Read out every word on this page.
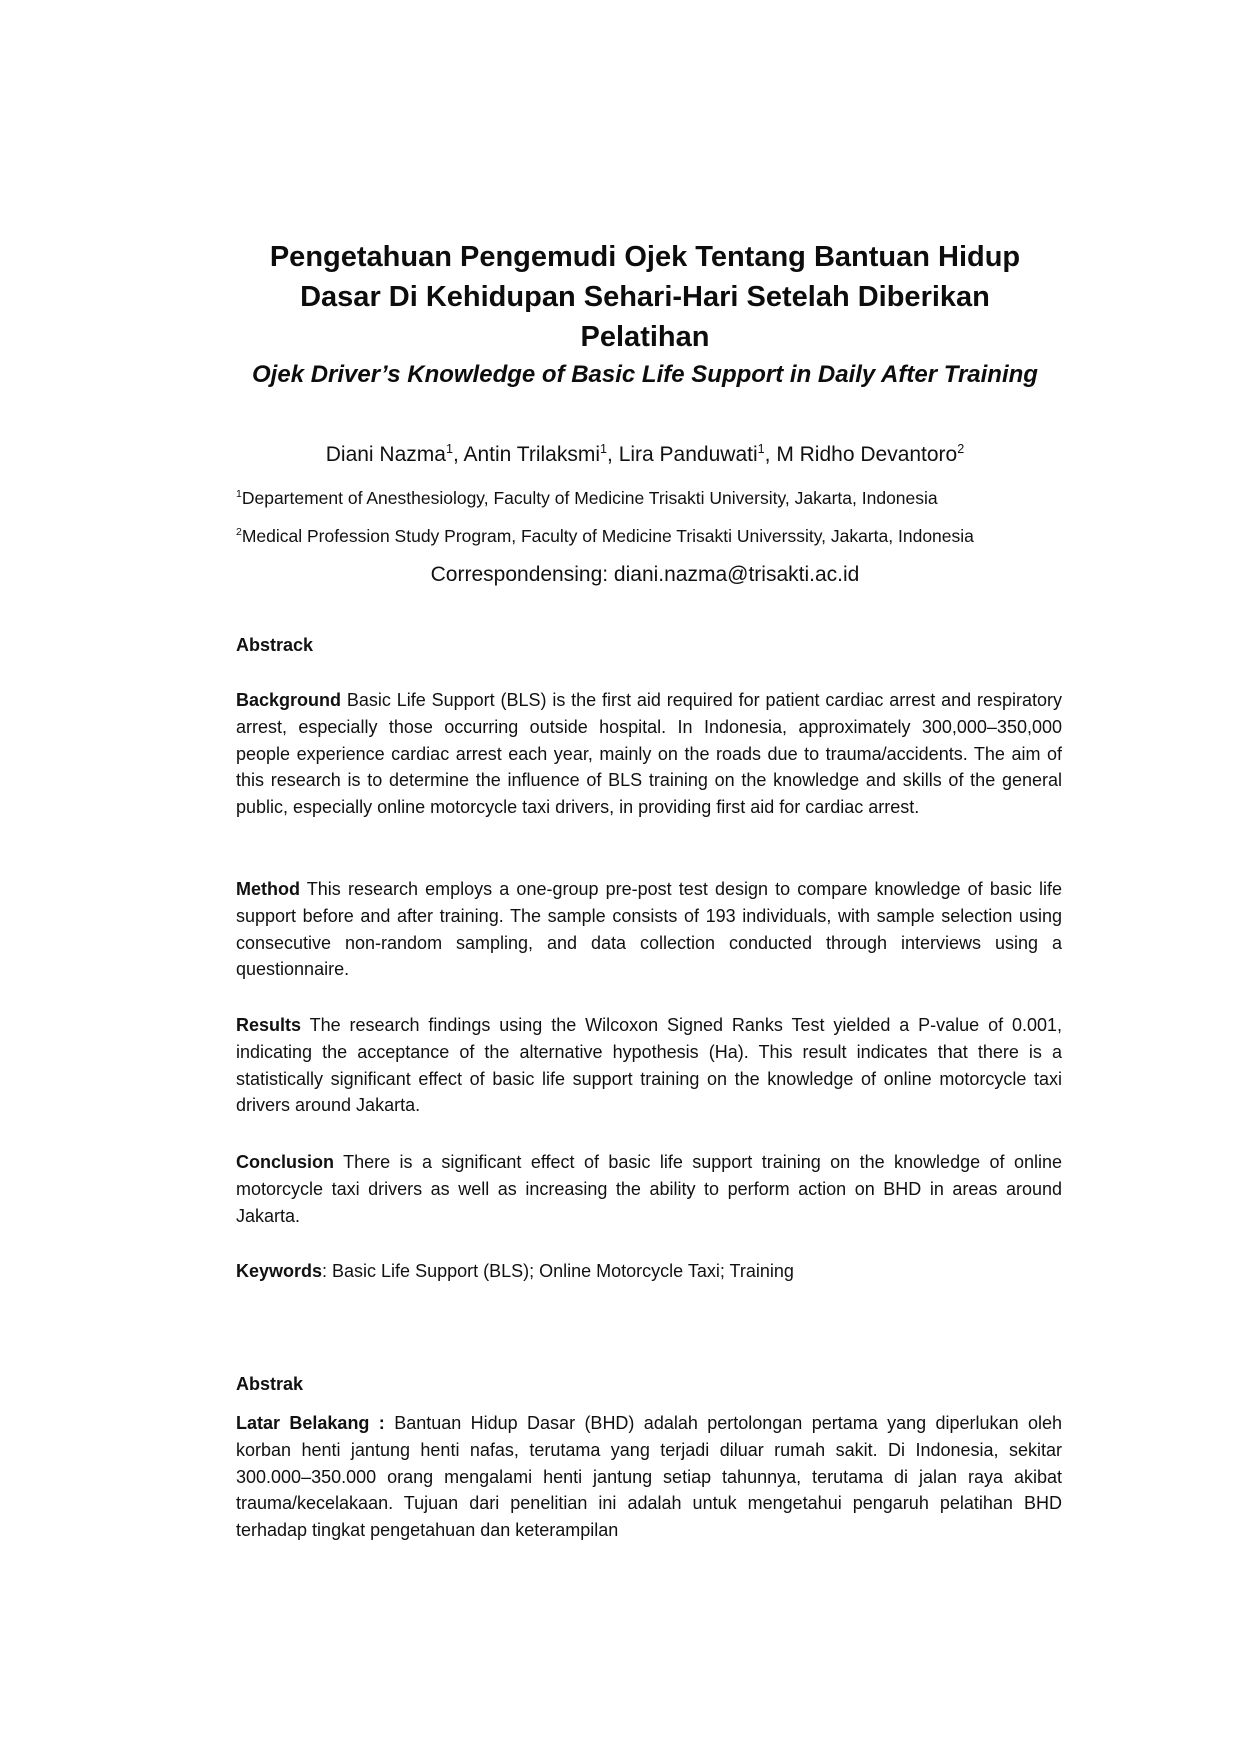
Pengetahuan Pengemudi Ojek Tentang Bantuan Hidup

Dasar Di Kehidupan Sehari-Hari Setelah Diberikan

Pelatihan

Ojek Driver’s Knowledge of Basic Life Support in Daily After Training

Diani Nazma$^1$, Antin Trilaksmi$^1$, Lira Panduwati$^1$, M Ridho Devantoro$^2$
$^1$Departement of Anesthesiology, Faculty of Medicine Trisakti University, Jakarta, Indonesia
$^2$Medical Profession Study Program, Faculty of Medicine Trisakti Universsity, Jakarta, Indonesia
Correspondensing: diani.nazma@trisakti.ac.id
Abstrack

Background Basic Life Support (BLS) is the first aid required for patient cardiac arrest and respiratory arrest, especially those occurring outside hospital. In Indonesia, approximately 300,000–350,000 people experience cardiac arrest each year, mainly on the roads due to trauma/accidents. The aim of this research is to determine the influence of BLS training on the knowledge and skills of the general public, especially online motorcycle taxi drivers, in providing first aid for cardiac arrest.

Method This research employs a one-group pre-post test design to compare knowledge of basic life support before and after training. The sample consists of 193 individuals, with sample selection using consecutive non-random sampling, and data collection conducted through interviews using a questionnaire.

Results The research findings using the Wilcoxon Signed Ranks Test yielded a P-value of 0.001, indicating the acceptance of the alternative hypothesis (Ha). This result indicates that there is a statistically significant effect of basic life support training on the knowledge of online motorcycle taxi drivers around Jakarta.

Conclusion There is a significant effect of basic life support training on the knowledge of online motorcycle taxi drivers as well as increasing the ability to perform action on BHD in areas around Jakarta.

Keywords: Basic Life Support (BLS); Online Motorcycle Taxi; Training

Abstrak

Latar Belakang : Bantuan Hidup Dasar (BHD) adalah pertolongan pertama yang diperlukan oleh korban henti jantung henti nafas, terutama yang terjadi diluar rumah sakit. Di Indonesia, sekitar 300.000–350.000 orang mengalami henti jantung setiap tahunnya, terutama di jalan raya akibat trauma/kecelakaan. Tujuan dari penelitian ini adalah untuk mengetahui pengaruh pelatihan BHD terhadap tingkat pengetahuan dan keterampilan
